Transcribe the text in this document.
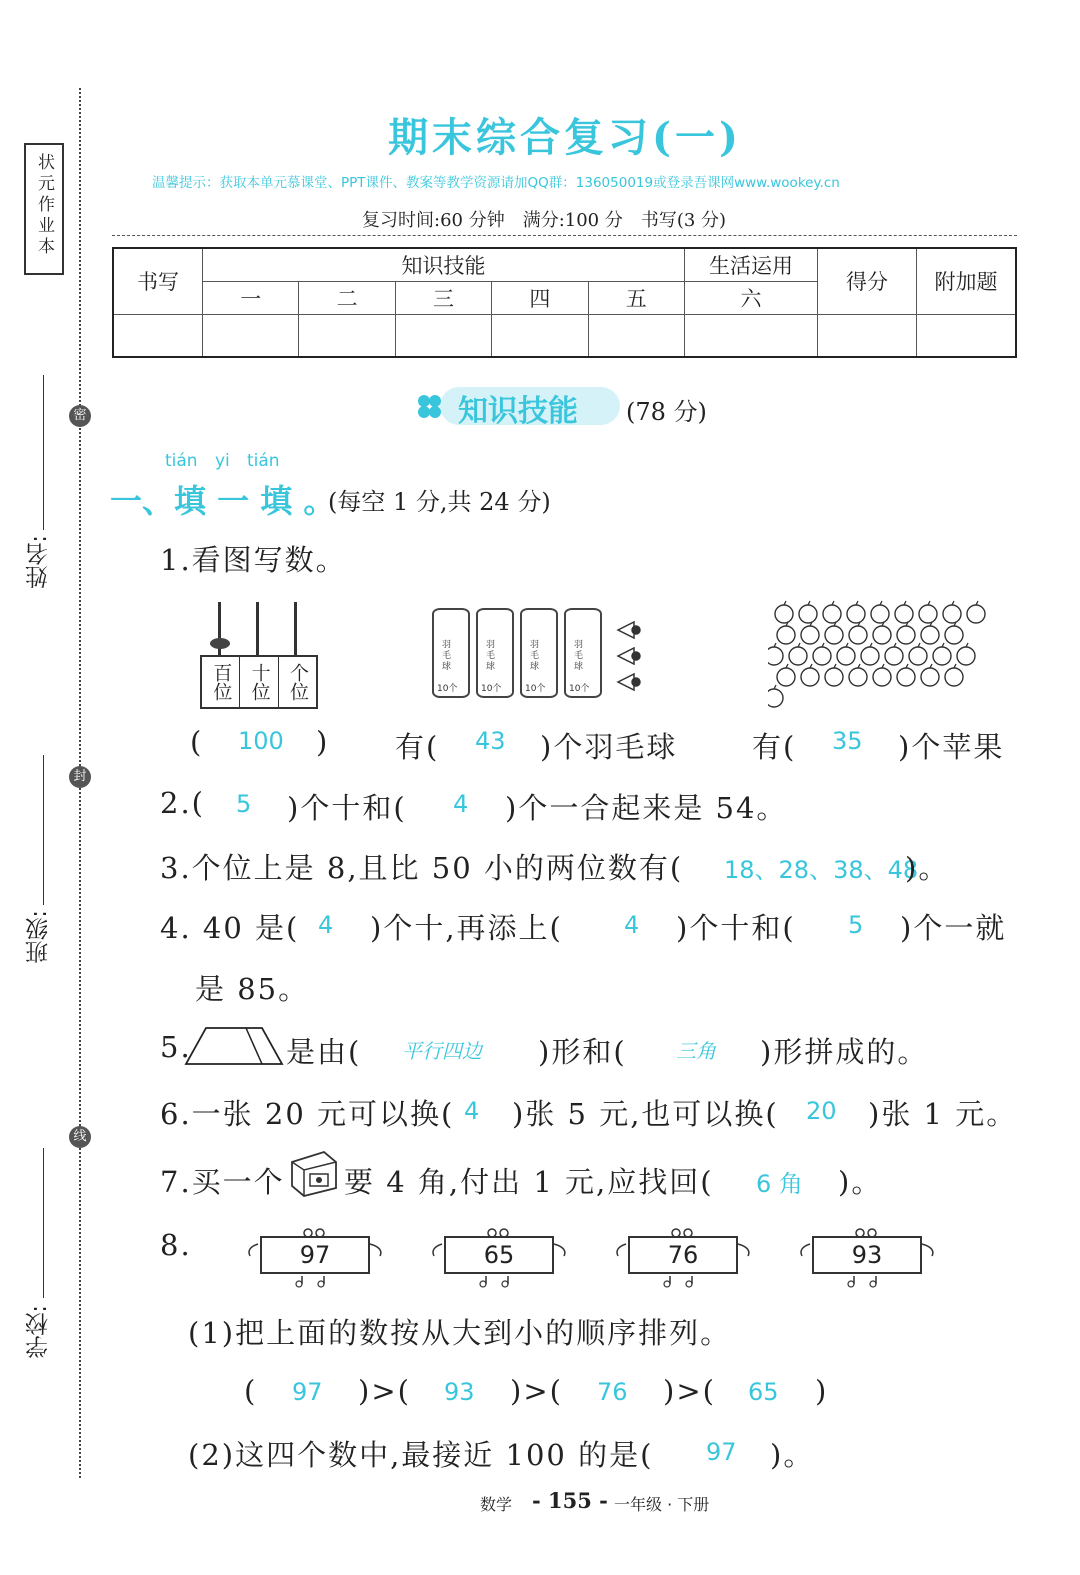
状元作业本
密
封
线
姓名:
班级:
学校:
期末综合复习(一)
温馨提示：获取本单元慕课堂、PPT课件、教案等教学资源请加QQ群：136050019或登录吾课网www.wookey.cn
复习时间:60 分钟　满分:100 分　书写(3 分)
书写	知识技能					生活运用	得分	附加题
	一	二	三	四	五	六		

知识技能 (78 分)
tián yi tián
一、填 一 填 。
(每空 1 分,共 24 分)
1.看图写数。
百位 十位 个位
羽毛球
10个
羽毛球
10个
羽毛球
10个
羽毛球
10个
( 100 ) 有( 43 )个羽毛球	有( 35 )个苹果
2.( 5 )个十和( 4 )个一合起来是 54。
3.个位上是 8,且比 50 小的两位数有( 18、28、38、48
)。
4. 40 是( 4 )个十,再添上(	4 )个十和( 5 )个一就
是 85。
5.	是由( 平行四边 )形和( 三角 )形拼成的。
6.一张 20 元可以换( 4 )张 5 元,也可以换( 20 )张 1 元。
7.买一个 要 4 角,付出 1 元,应找回( 6 角 )。
8.	97	65	76	93
(1)把上面的数按从大到小的顺序排列。
( 97 )>( 93 )>( 76 )>( 65 )
(2)这四个数中,最接近 100 的是( 97 )。
数学 - 155 - 一年级 · 下册
